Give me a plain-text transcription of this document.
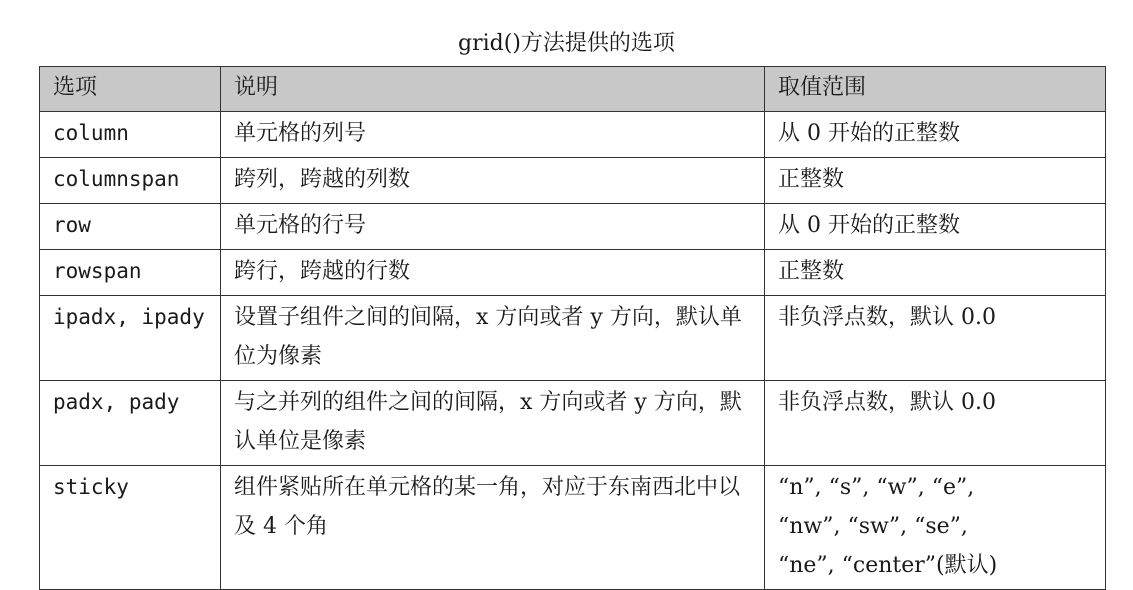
grid()方法提供的选项
选项	说明	取值范围
column	单元格的列号	从 0 开始的正整数
columnspan	跨列，跨越的列数	正整数
row	单元格的行号	从 0 开始的正整数
rowspan	跨行，跨越的行数	正整数
ipadx, ipady	设置子组件之间的间隔，x 方向或者 y 方向，默认单位为像素	非负浮点数，默认 0.0
padx, pady	与之并列的组件之间的间隔，x 方向或者 y 方向，默认单位是像素	非负浮点数，默认 0.0
sticky	组件紧贴所在单元格的某一角，对应于东南西北中以及 4 个角	“n”, “s”, “w”, “e”,
“nw”, “sw”, “se”,
“ne”, “center”(默认)
